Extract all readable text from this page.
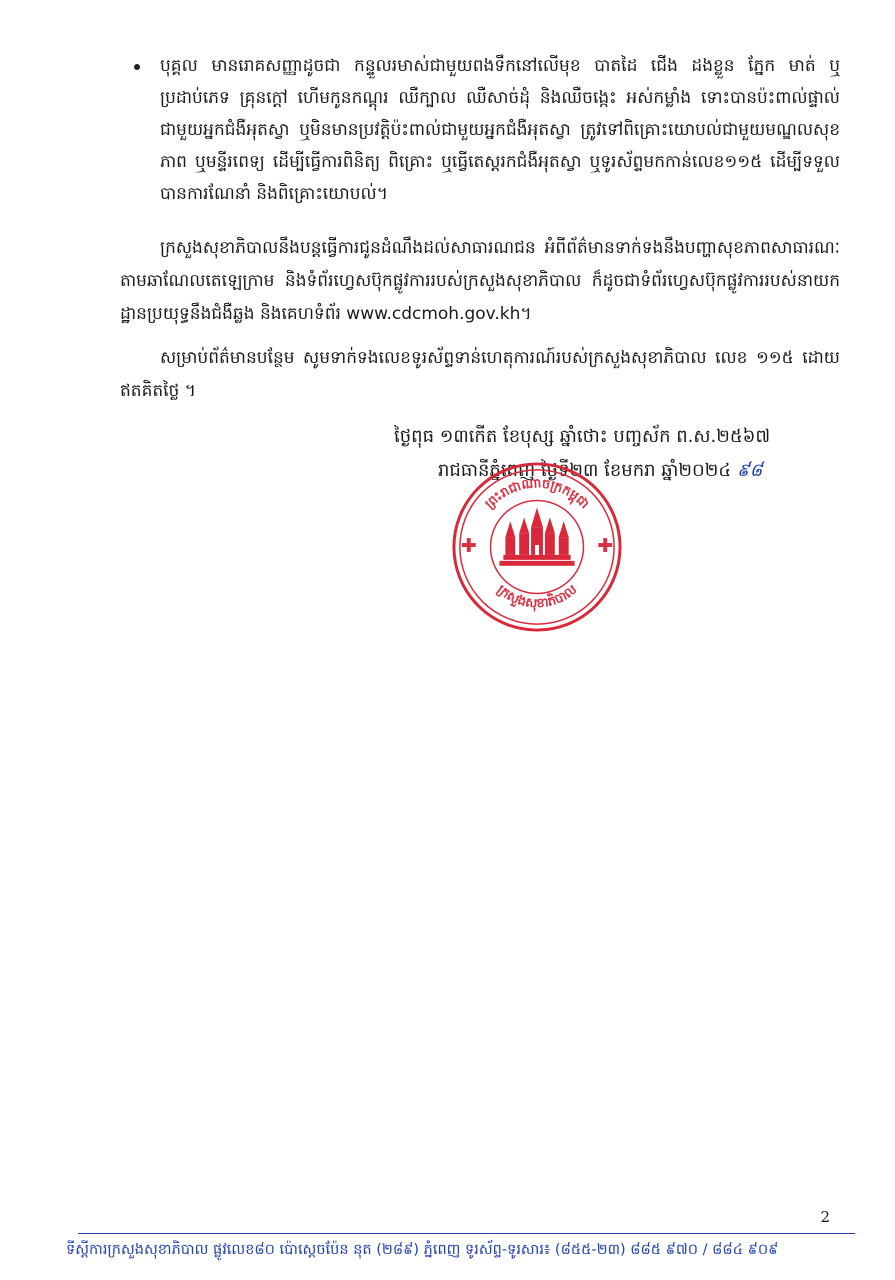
បុគ្គល មានរោគសញ្ញាដូចជា កន្ទួលរមាស់ជាមួយពងទឹកនៅលើមុខ បាតដៃ ជើង ដងខ្លួន ភ្នែក មាត់ ឬប្រដាប់ភេទ គ្រុនក្ដៅ ហើមកូនកណ្តុរ ឈឺក្បាល ឈឺសាច់ដុំ និងឈឺចង្កេះ អស់កម្លាំង ទោះបានប៉ះពាល់ផ្ទាល់ជាមួយអ្នកជំងឺអុតស្វា ឬមិនមានប្រវត្តិប៉ះពាល់ជាមួយអ្នកជំងឺអុតស្វា ត្រូវទៅពិគ្រោះយោបល់ជាមួយមណ្ឌលសុខភាព ឬមន្ទីរពេទ្យ ដើម្បីធ្វើការពិនិត្យ ពិគ្រោះ ឬធ្វើតេស្តរកជំងឺអុតស្វា ឬទូរស័ព្ទមកកាន់លេខ១១៥ ដើម្បីទទួលបានការណែនាំ និងពិគ្រោះយោបល់។
ក្រសួងសុខាភិបាលនឹងបន្តធ្វើការជូនដំណឹងដល់សាធារណជន អំពីព័ត៌មានទាក់ទងនឹងបញ្ហាសុខភាពសាធារណៈ តាមឆាណែលតេឡេក្រាម និងទំព័រហ្វេសប៊ុកផ្លូវការរបស់ក្រសួងសុខាភិបាល ក៏ដូចជាទំព័រហ្វេសប៊ុកផ្លូវការរបស់នាយកដ្ឋានប្រយុទ្ធនឹងជំងឺឆ្លង និងគេហទំព័រ www.cdcmoh.gov.kh។
សម្រាប់ព័ត៌មានបន្ថែម សូមទាក់ទងលេខទូរស័ព្ទទាន់ហេតុការណ៍របស់ក្រសួងសុខាភិបាល លេខ ១១៥ ដោយឥតគិតថ្លៃ ។
ថ្ងៃពុធ ១៣កើត ខែបុស្ស ឆ្នាំថោះ បញ្ចស័ក ព.ស.២៥៦៧
រាជធានីភ្នំពេញ ថ្ងៃទី២៣ ខែមករា ឆ្នាំ២០២៤ ៩៨
ព្រះរាជាណាចក្រកម្ពុជា
ក្រសួងសុខាភិបាល
2
ទីស្ដីការក្រសួងសុខាភិបាល ផ្លូវលេខ៨០ ប៉ោស្តេចប៉ែន នុត (២៨៩) ភ្នំពេញ ទូរស័ព្ទ-ទូរសារ៖ (៨៥៥-២៣) ៨៨៥ ៩៧០ / ៨៨៤ ៩០៩
